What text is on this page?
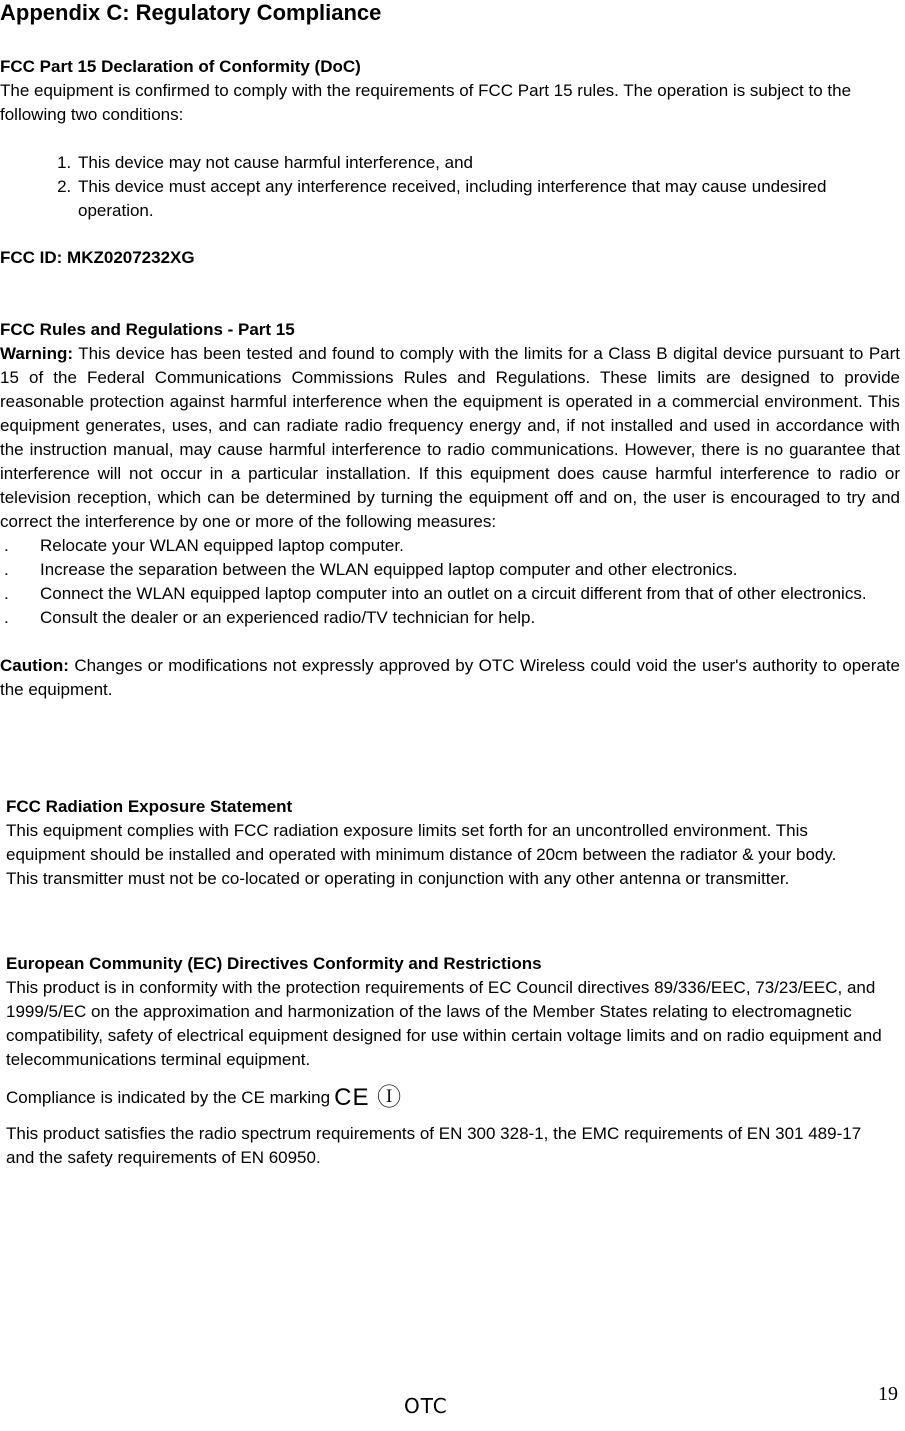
Appendix C: Regulatory Compliance

FCC Part 15 Declaration of Conformity (DoC)

The equipment is confirmed to comply with the requirements of FCC Part 15 rules. The operation is subject to the following two conditions:

1. This device may not cause harmful interference, and
2. This device must accept any interference received, including interference that may cause undesired operation.

FCC ID: MKZ0207232XG

FCC Rules and Regulations - Part 15

Warning: This device has been tested and found to comply with the limits for a Class B digital device pursuant to Part 15 of the Federal Communications Commissions Rules and Regulations. These limits are designed to provide reasonable protection against harmful interference when the equipment is operated in a commercial environment. This equipment generates, uses, and can radiate radio frequency energy and, if not installed and used in accordance with the instruction manual, may cause harmful interference to radio communications. However, there is no guarantee that interference will not occur in a particular installation. If this equipment does cause harmful interference to radio or television reception, which can be determined by turning the equipment off and on, the user is encouraged to try and correct the interference by one or more of the following measures:

. Relocate your WLAN equipped laptop computer.
. Increase the separation between the WLAN equipped laptop computer and other electronics.
. Connect the WLAN equipped laptop computer into an outlet on a circuit different from that of other electronics.
. Consult the dealer or an experienced radio/TV technician for help.

Caution: Changes or modifications not expressly approved by OTC Wireless could void the user's authority to operate the equipment.

FCC Radiation Exposure Statement

This equipment complies with FCC radiation exposure limits set forth for an uncontrolled environment. This equipment should be installed and operated with minimum distance of 20cm between the radiator & your body. This transmitter must not be co-located or operating in conjunction with any other antenna or transmitter.

European Community (EC) Directives Conformity and Restrictions

This product is in conformity with the protection requirements of EC Council directives 89/336/EEC, 73/23/EEC, and 1999/5/EC on the approximation and harmonization of the laws of the Member States relating to electromagnetic compatibility, safety of electrical equipment designed for use within certain voltage limits and on radio equipment and telecommunications terminal equipment.

Compliance is indicated by the CE marking CE Ⓘ

This product satisfies the radio spectrum requirements of EN 300 328-1, the EMC requirements of EN 301 489-17 and the safety requirements of EN 60950.

OTC	19
